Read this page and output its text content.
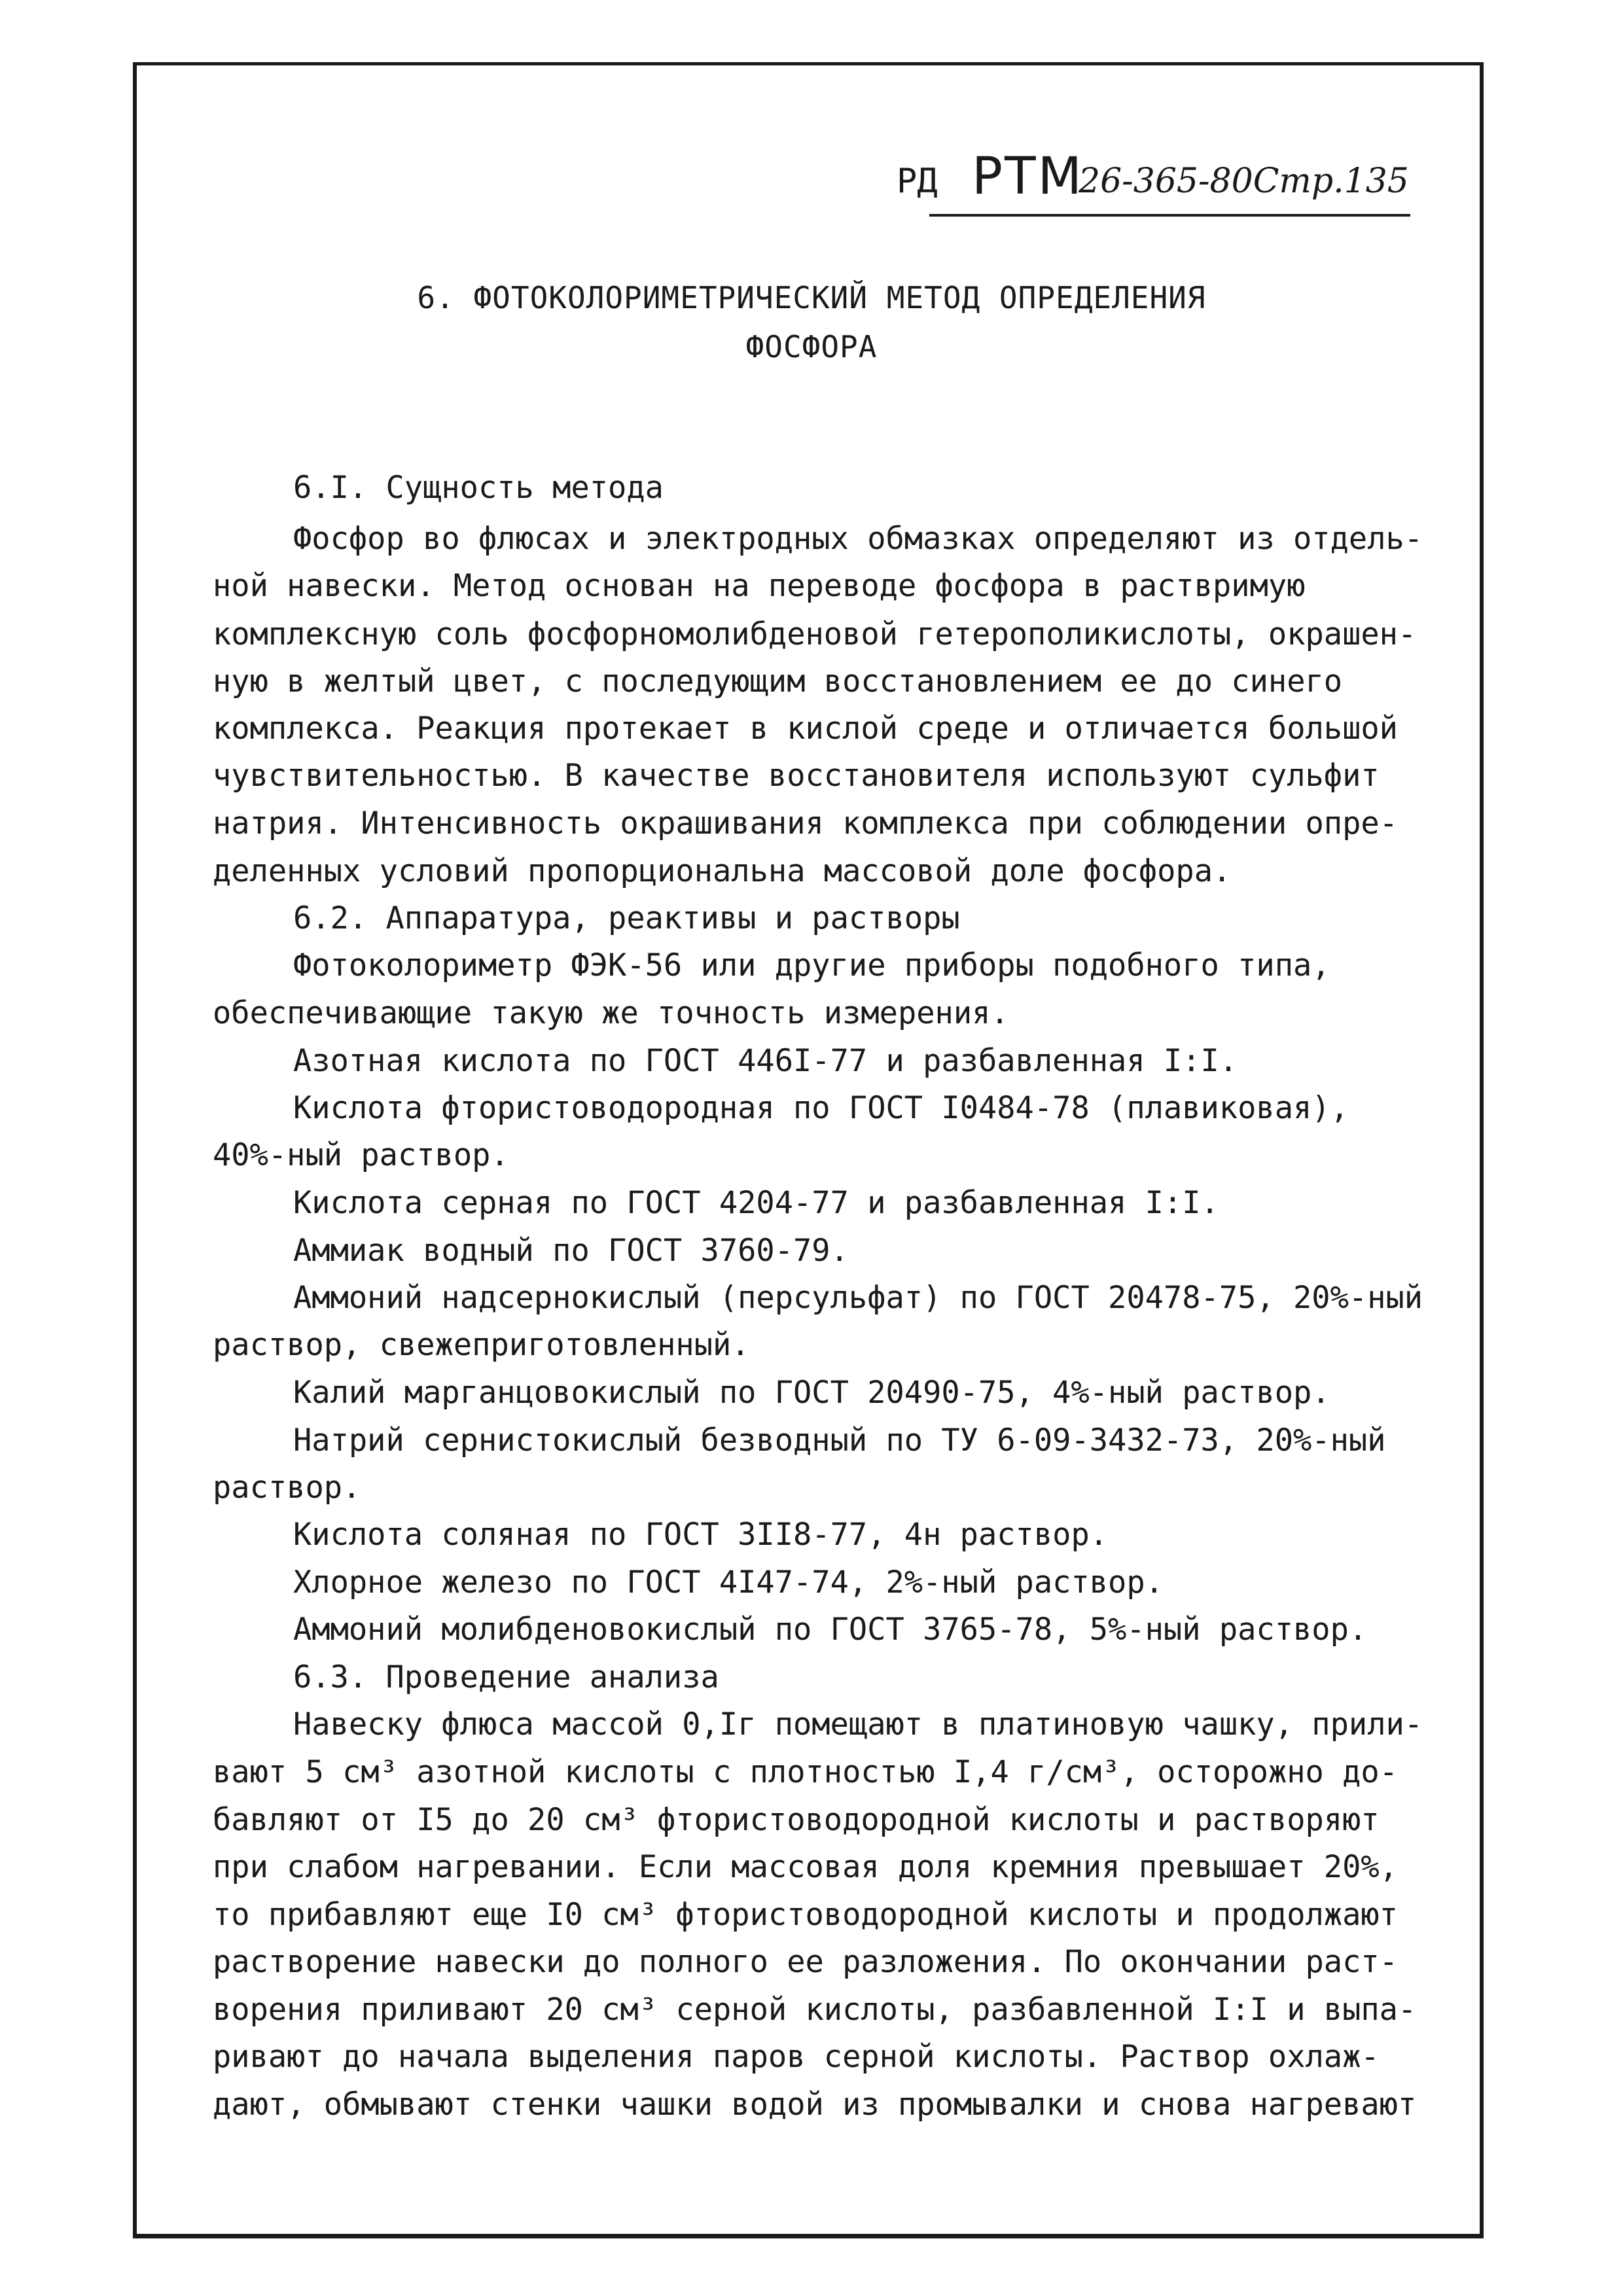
РД РТМ
26-365-80Стр.135
6. ФОТОКОЛОРИМЕТРИЧЕСКИЙ МЕТОД ОПРЕДЕЛЕНИЯ
ФОСФОРА
6.I. Сущность метода
Фосфор во флюсах и электродных обмазках определяют из отдель-
ной навески. Метод основан на переводе фосфора в раствримую
комплексную соль фосфорномолибденовой гетерополикислоты, окрашен-
ную в желтый цвет, с последующим восстановлением ее до синего
комплекса. Реакция протекает в кислой среде и отличается большой
чувствительностью. В качестве восстановителя используют сульфит
натрия. Интенсивность окрашивания комплекса при соблюдении опре-
деленных условий пропорциональна массовой доле фосфора.
6.2. Аппаратура, реактивы и растворы
Фотоколориметр ФЭК-56 или другие приборы подобного типа,
обеспечивающие такую же точность измерения.
Азотная кислота по ГОСТ 446I-77 и разбавленная I:I.
Кислота фтористоводородная по ГОСТ I0484-78 (плавиковая),
40%-ный раствор.
Кислота серная по ГОСТ 4204-77 и разбавленная I:I.
Аммиак водный по ГОСТ 3760-79.
Аммоний надсернокислый (персульфат) по ГОСТ 20478-75, 20%-ный
раствор, свежеприготовленный.
Калий марганцовокислый по ГОСТ 20490-75, 4%-ный раствор.
Натрий сернистокислый безводный по ТУ 6-09-3432-73, 20%-ный
раствор.
Кислота соляная по ГОСТ 3II8-77, 4н раствор.
Хлорное железо по ГОСТ 4I47-74, 2%-ный раствор.
Аммоний молибденовокислый по ГОСТ 3765-78, 5%-ный раствор.
6.3. Проведение анализа
Навеску флюса массой 0,Iг помещают в платиновую чашку, прили-
вают 5 см³ азотной кислоты с плотностью I,4 г/см³, осторожно до-
бавляют от I5 до 20 см³ фтористоводородной кислоты и растворяют
при слабом нагревании. Если массовая доля кремния превышает 20%,
то прибавляют еще I0 см³ фтористоводородной кислоты и продолжают
растворение навески до полного ее разложения. По окончании раст-
ворения приливают 20 см³ серной кислоты, разбавленной I:I и выпа-
ривают до начала выделения паров серной кислоты. Раствор охлаж-
дают, обмывают стенки чашки водой из промывалки и снова нагревают
